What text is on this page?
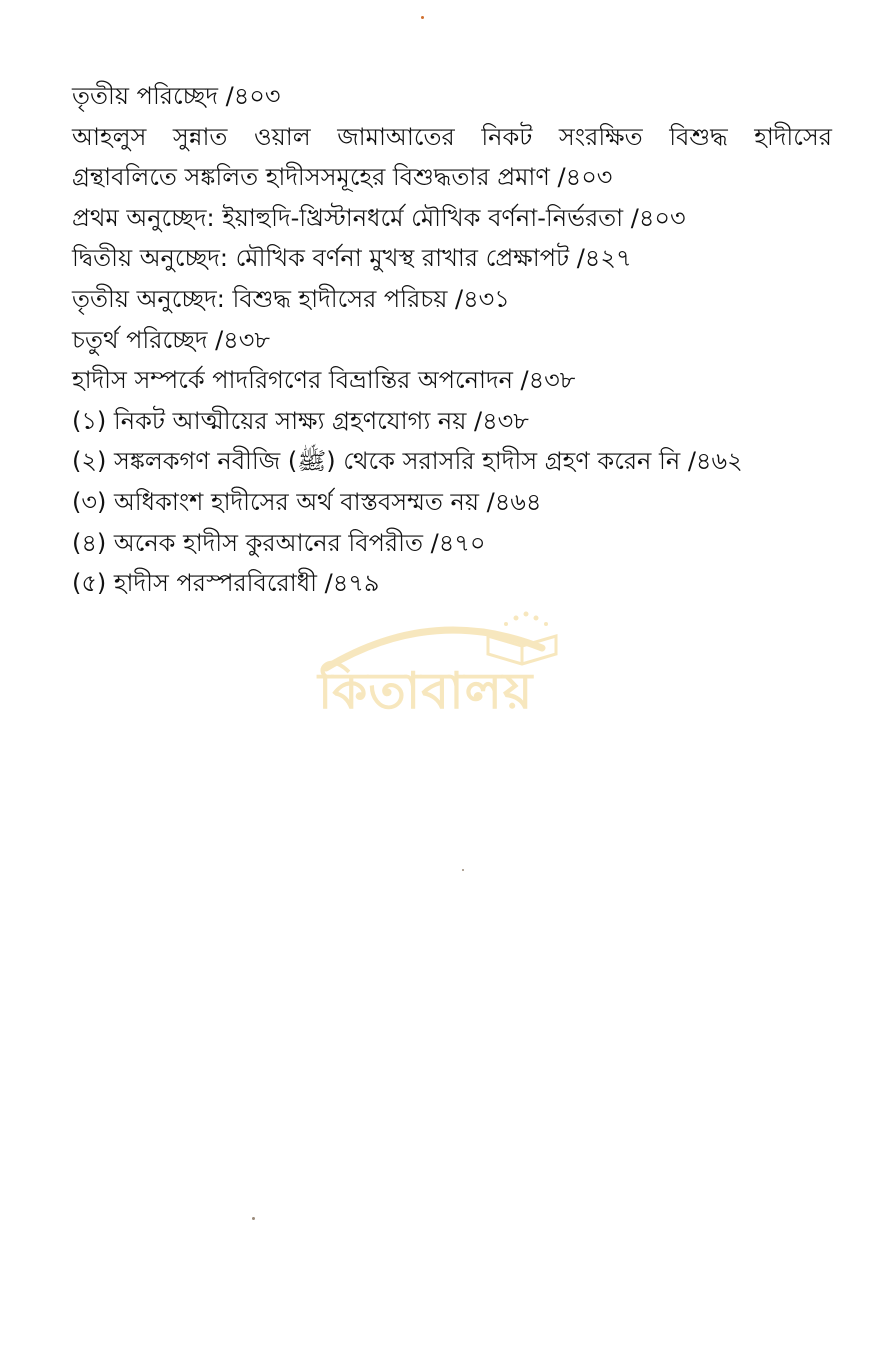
তৃতীয় পরিচ্ছেদ /৪০৩
আহলুস সুন্নাত ওয়াল জামাআতের নিকট সংরক্ষিত বিশুদ্ধ হাদীসের
গ্রন্থাবলিতে সঙ্কলিত হাদীসসমূহের বিশুদ্ধতার প্রমাণ /৪০৩
প্রথম অনুচ্ছেদ: ইয়াহুদি-খ্রিস্টানধর্মে মৌখিক বর্ণনা-নির্ভরতা /৪০৩
দ্বিতীয় অনুচ্ছেদ: মৌখিক বর্ণনা মুখস্থ রাখার প্রেক্ষাপট /৪২৭
তৃতীয় অনুচ্ছেদ: বিশুদ্ধ হাদীসের পরিচয় /৪৩১
চতুর্থ পরিচ্ছেদ /৪৩৮
হাদীস সম্পর্কে পাদরিগণের বিভ্রান্তির অপনোদন /৪৩৮
(১) নিকট আত্মীয়ের সাক্ষ্য গ্রহণযোগ্য নয় /৪৩৮
(২) সঙ্কলকগণ নবীজি (ﷺ) থেকে সরাসরি হাদীস গ্রহণ করেন নি /৪৬২
(৩) অধিকাংশ হাদীসের অর্থ বাস্তবসম্মত নয় /৪৬৪
(৪) অনেক হাদীস কুরআনের বিপরীত /৪৭০
(৫) হাদীস পরস্পরবিরোধী /৪৭৯
কিতাবালয়
